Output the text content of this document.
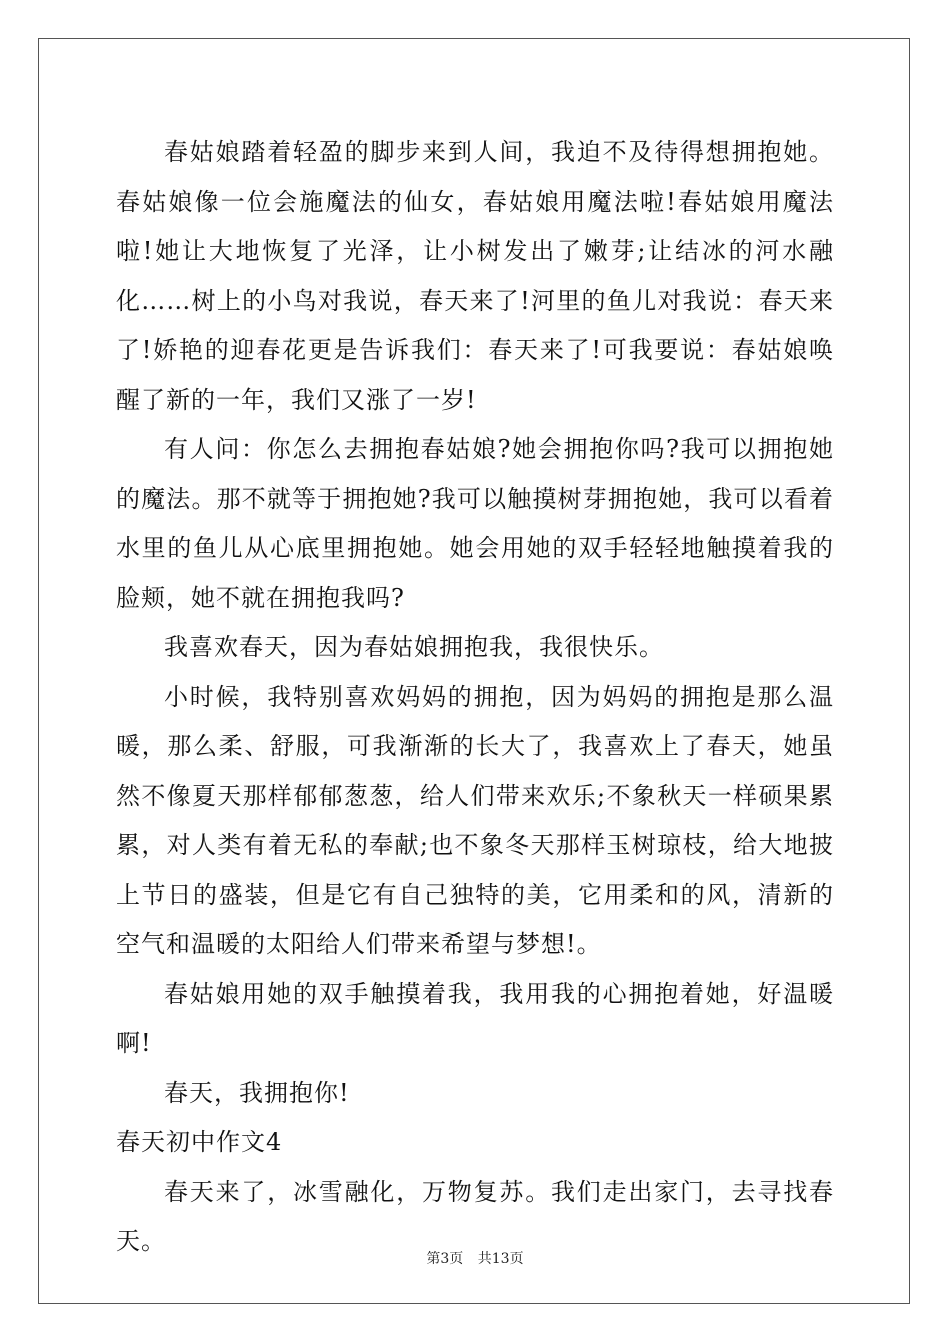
春姑娘踏着轻盈的脚步来到人间，我迫不及待得想拥抱她。春姑娘像一位会施魔法的仙女，春姑娘用魔法啦!春姑娘用魔法啦!她让大地恢复了光泽，让小树发出了嫩芽;让结冰的河水融化……树上的小鸟对我说，春天来了!河里的鱼儿对我说：春天来了!娇艳的迎春花更是告诉我们：春天来了!可我要说：春姑娘唤醒了新的一年，我们又涨了一岁!

有人问：你怎么去拥抱春姑娘?她会拥抱你吗?我可以拥抱她的魔法。那不就等于拥抱她?我可以触摸树芽拥抱她，我可以看着水里的鱼儿从心底里拥抱她。她会用她的双手轻轻地触摸着我的脸颊，她不就在拥抱我吗?

我喜欢春天，因为春姑娘拥抱我，我很快乐。

小时候，我特别喜欢妈妈的拥抱，因为妈妈的拥抱是那么温暖，那么柔、舒服，可我渐渐的长大了，我喜欢上了春天，她虽然不像夏天那样郁郁葱葱，给人们带来欢乐;不象秋天一样硕果累累，对人类有着无私的奉献;也不象冬天那样玉树琼枝，给大地披上节日的盛装，但是它有自己独特的美，它用柔和的风，清新的空气和温暖的太阳给人们带来希望与梦想!。

春姑娘用她的双手触摸着我，我用我的心拥抱着她，好温暖啊!

春天，我拥抱你!

春天初中作文4

春天来了，冰雪融化，万物复苏。我们走出家门，去寻找春天。

第3页 共13页
